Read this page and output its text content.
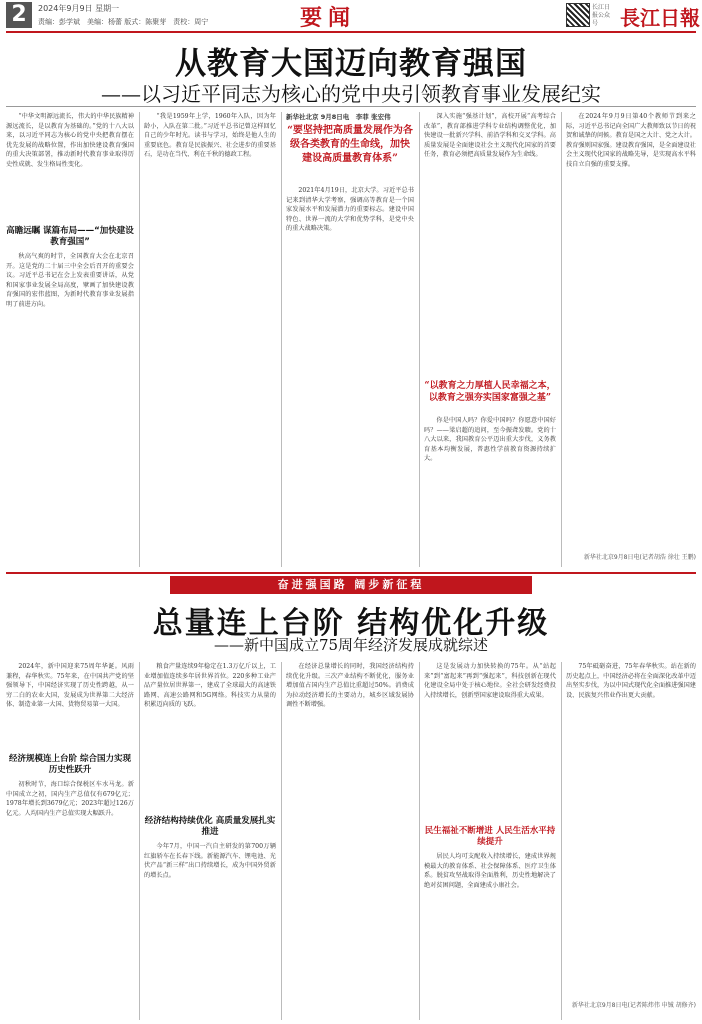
2	2024年9月9日 星期一
责编：彭学斌　美编：杨蕾 版式：陈聚芽　责校：周宁	要闻	长江日报公众号	長江日報
从教育大国迈向教育强国
——以习近平同志为核心的党中央引领教育事业发展纪实
“中华文明源远流长，伟大的中华民族精神源远流长，是以教育为基础的。”党的十八大以来，以习近平同志为核心的党中央把教育摆在优先发展的战略位置，作出加快建设教育强国的重大决策部署，推动新时代教育事业取得历史性成就、发生格局性变化。
高瞻远瞩 谋篇布局——“加快建设教育强国”
秋高气爽的时节，全国教育大会在北京召开。这是党的二十届三中全会后召开的重要会议。习近平总书记在会上发表重要讲话，从党和国家事业发展全局高度，擘画了加快建设教育强国的宏伟蓝图，为新时代教育事业发展指明了前进方向。
“我是1959年上学，1960年入队，因为年龄小，入队在第二批。”习近平总书记曾这样回忆自己的少年时光。读书与学习，始终是他人生的重要底色。教育是民族振兴、社会进步的重要基石，是功在当代、利在千秋的德政工程。
新华社北京 9月8日电　李菲 张宏伟
“要坚持把高质量发展作为各级各类教育的生命线，加快建设高质量教育体系”
2021年4月19日，北京大学。习近平总书记来到清华大学考察，强调高等教育是一个国家发展水平和发展潜力的重要标志。建设中国特色、世界一流的大学和优势学科，是党中央的重大战略决策。
深入实施“强基计划”，高校开展“高考综合改革”，教育部推进学科专业结构调整优化，加快建设一批新兴学科、前沿学科和交叉学科。高质量发展是全面建设社会主义现代化国家的首要任务，教育必须把高质量发展作为生命线。
“以教育之力厚植人民幸福之本，以教育之强夯实国家富强之基”
你是中国人吗？你爱中国吗？你愿意中国好吗？——梁启超的追问，至今振聋发聩。党的十八大以来，我国教育公平迈出重大步伐，义务教育基本均衡发展，普惠性学前教育资源持续扩大。
在2024年9月9日第40个教师节到来之际，习近平总书记向全国广大教师致以节日的祝贺和诚挚的问候。教育是国之大计、党之大计。教育强则国家强。建设教育强国，是全面建设社会主义现代化国家的战略先导，是实现高水平科技自立自强的重要支撑。
新华社北京9月8日电(记者胡浩 徐壮 王鹏)
奋进强国路 阔步新征程
总量连上台阶 结构优化升级
——新中国成立75周年经济发展成就综述
2024年，新中国迎来75周年华诞。风雨兼程，春华秋实。75年来，在中国共产党的坚强领导下，中国经济实现了历史性跨越，从一穷二白的农业大国，发展成为世界第二大经济体、制造业第一大国、货物贸易第一大国。
经济规模连上台阶 综合国力实现历史性跃升
初秋时节，海口综合保税区车水马龙。新中国成立之初，国内生产总值仅有679亿元；1978年增长到3679亿元；2023年超过126万亿元。人均国内生产总值实现大幅跃升。
粮食产量连续9年稳定在1.3万亿斤以上，工业增加值连续多年居世界首位。220多种工业产品产量位居世界第一，建成了全球最大的高速铁路网、高速公路网和5G网络。科技实力从量的积累迈向质的飞跃。
经济结构持续优化 高质量发展扎实推进
今年7月，中国一汽自主研发的第700万辆红旗轿车在长春下线。新能源汽车、锂电池、光伏产品“新三样”出口持续增长，成为中国外贸新的增长点。
在经济总量增长的同时，我国经济结构持续优化升级。三次产业结构不断优化，服务业增加值占国内生产总值比重超过50%。消费成为拉动经济增长的主要动力，城乡区域发展协调性不断增强。
这是发展动力加快转换的75年。从“站起来”到“富起来”再到“强起来”，科技创新在现代化建设全局中处于核心地位。全社会研发经费投入持续增长，创新型国家建设取得重大成果。
民生福祉不断增进 人民生活水平持续提升
居民人均可支配收入持续增长，建成世界规模最大的教育体系、社会保障体系、医疗卫生体系。脱贫攻坚战取得全面胜利，历史性地解决了绝对贫困问题，全面建成小康社会。
75年砥砺奋进，75年春华秋实。站在新的历史起点上，中国经济必将在全面深化改革中迈出坚实步伐，为以中国式现代化全面推进强国建设、民族复兴伟业作出更大贡献。
新华社北京9月8日电(记者陈炜伟 申铖 胡修齐)
